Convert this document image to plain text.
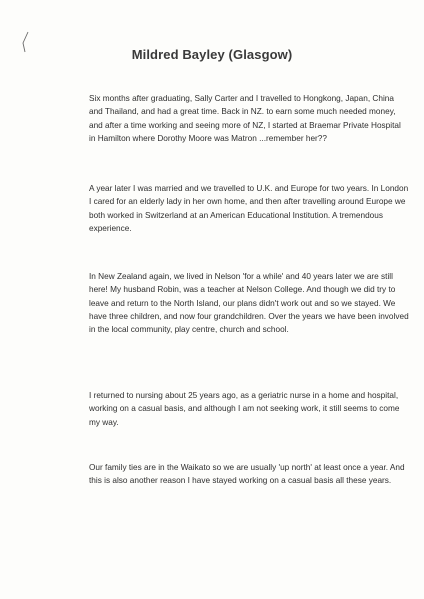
Mildred Bayley (Glasgow)

Six months after graduating, Sally Carter and I travelled to Hongkong, Japan, China and Thailand, and had a great time. Back in NZ. to earn some much needed money, and after a time working and seeing more of NZ, I started at Braemar Private Hospital in Hamilton where Dorothy Moore was Matron ...remember her??

A year later I was married and we travelled to U.K. and Europe for two years. In London I cared for an elderly lady in her own home, and then after travelling around Europe we both worked in Switzerland at an American Educational Institution. A tremendous experience.

In New Zealand again, we lived in Nelson 'for a while' and 40 years later we are still here! My husband Robin, was a teacher at Nelson College. And though we did try to leave and return to the North Island, our plans didn't work out and so we stayed. We have three children, and now four grandchildren. Over the years we have been involved in the local community, play centre, church and school.

I returned to nursing about 25 years ago, as a geriatric nurse in a home and hospital, working on a casual basis, and although I am not seeking work, it still seems to come my way.

Our family ties are in the Waikato so we are usually 'up north' at least once a year. And this is also another reason I have stayed working on a casual basis all these years.
